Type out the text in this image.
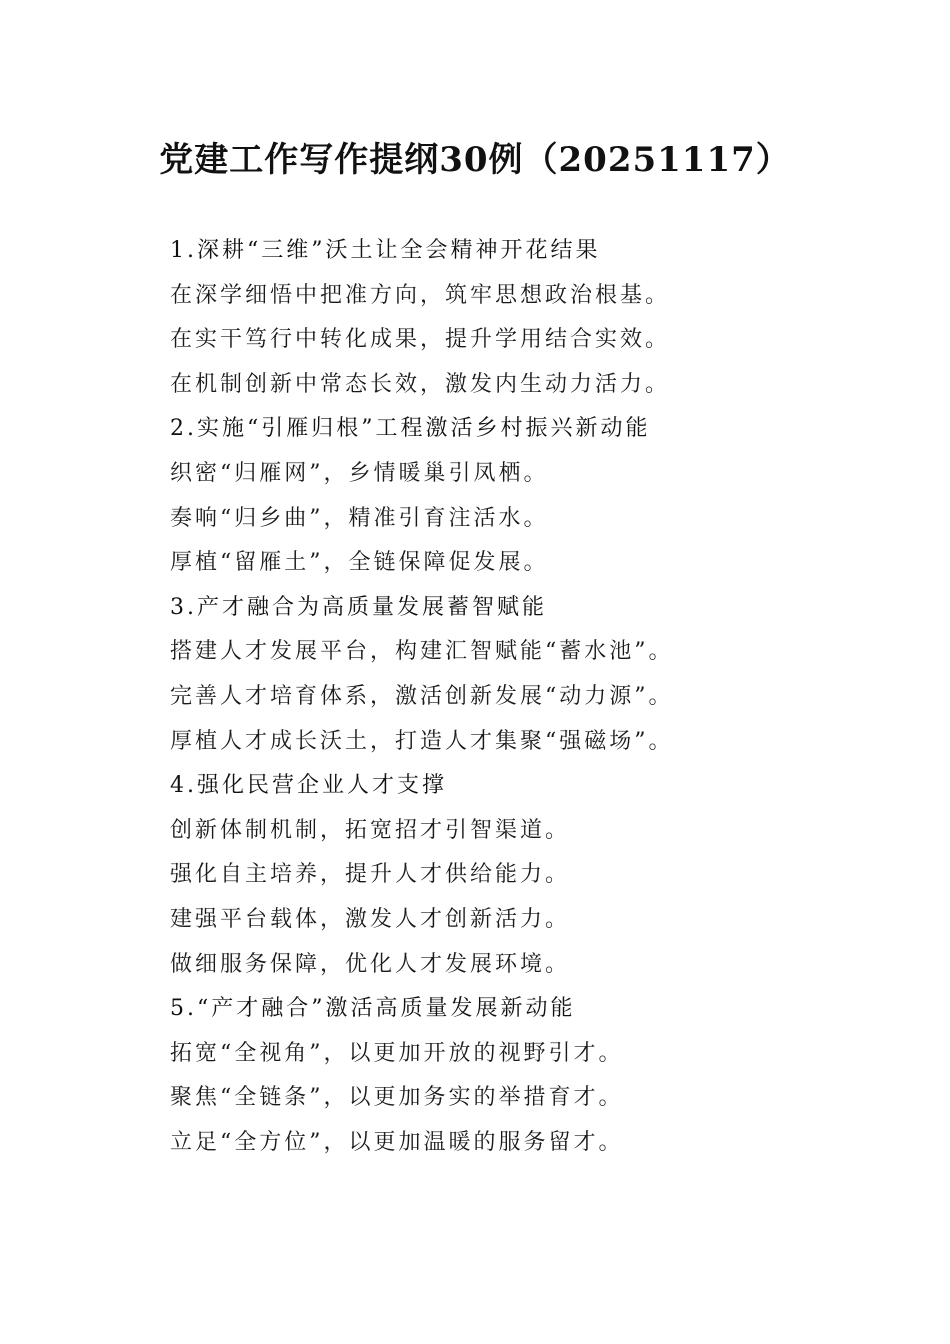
党建工作写作提纲30例（20251117）
1.深耕“三维”沃土让全会精神开花结果
在深学细悟中把准方向，筑牢思想政治根基。
在实干笃行中转化成果，提升学用结合实效。
在机制创新中常态长效，激发内生动力活力。
2.实施“引雁归根”工程激活乡村振兴新动能
织密“归雁网”，乡情暖巢引凤栖。
奏响“归乡曲”，精准引育注活水。
厚植“留雁土”，全链保障促发展。
3.产才融合为高质量发展蓄智赋能
搭建人才发展平台，构建汇智赋能“蓄水池”。
完善人才培育体系，激活创新发展“动力源”。
厚植人才成长沃土，打造人才集聚“强磁场”。
4.强化民营企业人才支撑
创新体制机制，拓宽招才引智渠道。
强化自主培养，提升人才供给能力。
建强平台载体，激发人才创新活力。
做细服务保障，优化人才发展环境。
5.“产才融合”激活高质量发展新动能
拓宽“全视角”，以更加开放的视野引才。
聚焦“全链条”，以更加务实的举措育才。
立足“全方位”，以更加温暖的服务留才。
